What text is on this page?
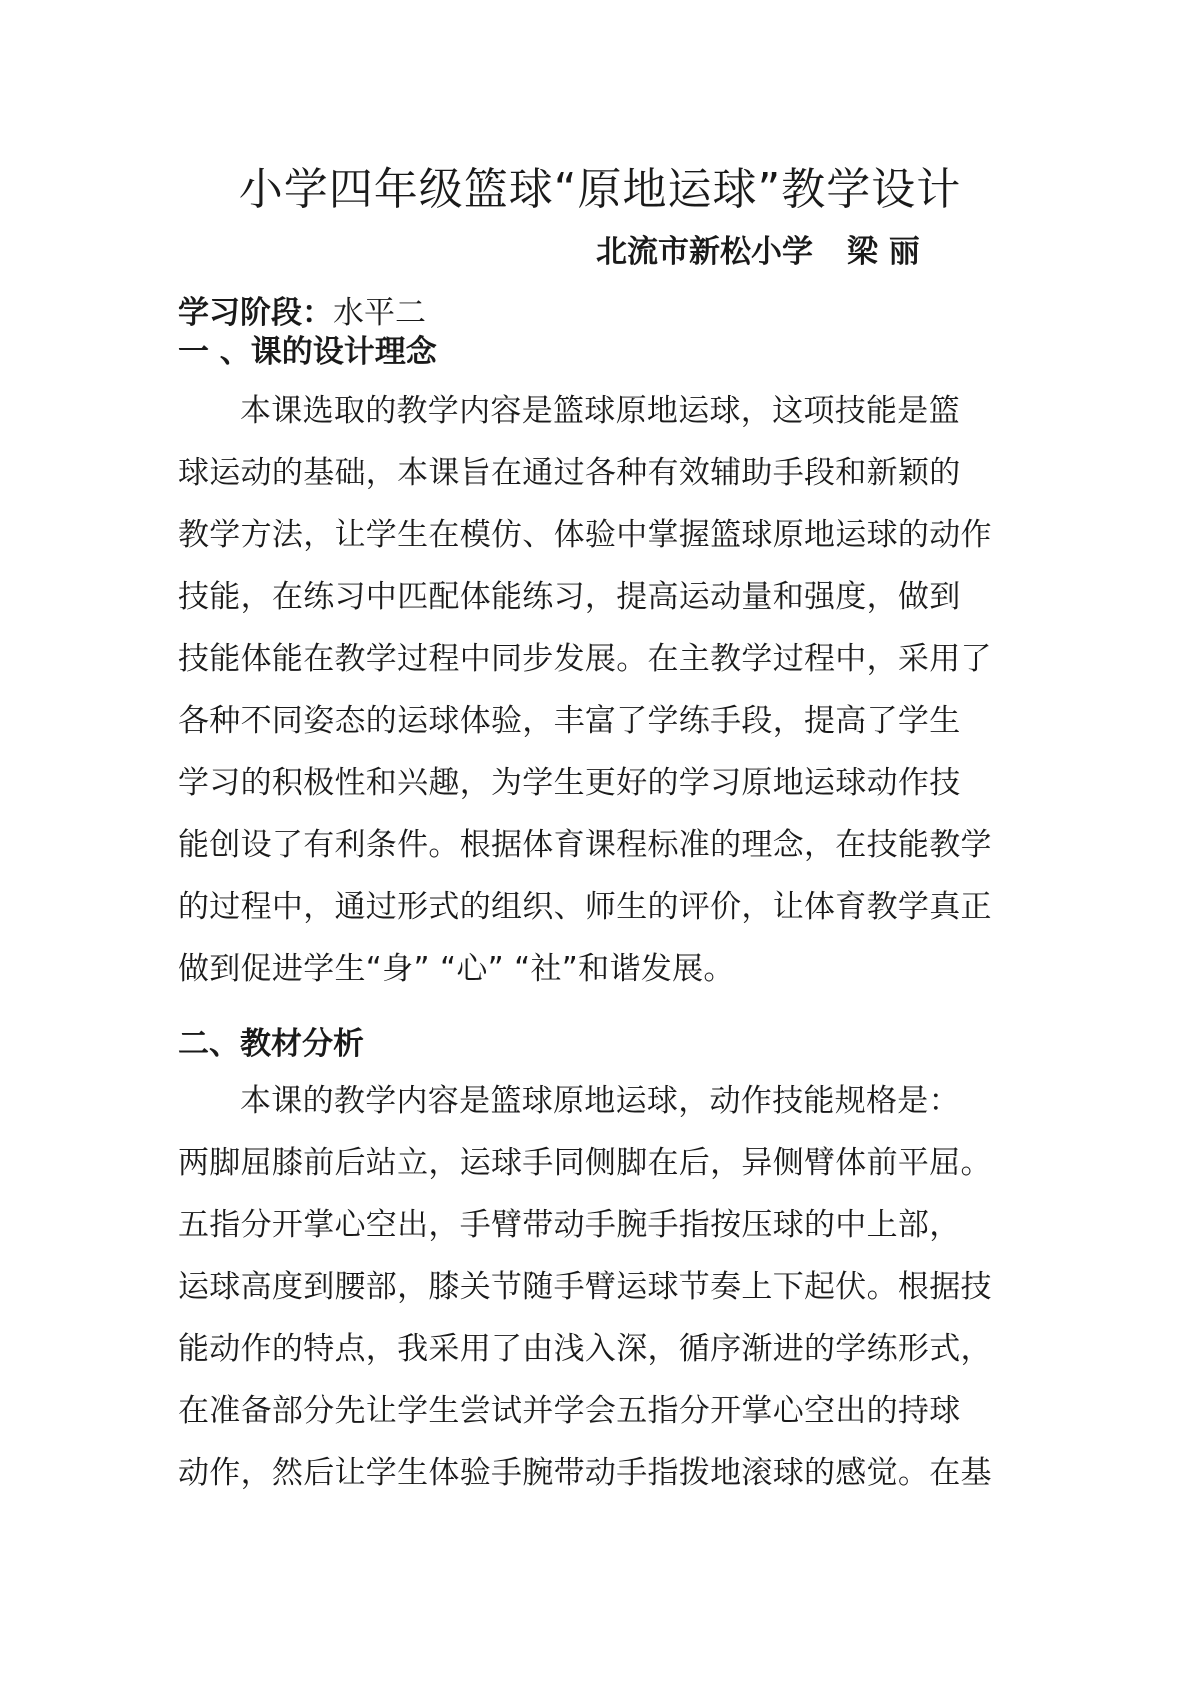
小学四年级篮球“原地运球”教学设计
北流市新松小学 梁 丽
学习阶段：水平二
一 、课的设计理念
本课选取的教学内容是篮球原地运球，这项技能是篮
球运动的基础，本课旨在通过各种有效辅助手段和新颖的
教学方法，让学生在模仿、体验中掌握篮球原地运球的动作
技能，在练习中匹配体能练习，提高运动量和强度，做到
技能体能在教学过程中同步发展。在主教学过程中，采用了
各种不同姿态的运球体验，丰富了学练手段，提高了学生
学习的积极性和兴趣，为学生更好的学习原地运球动作技
能创设了有利条件。根据体育课程标准的理念，在技能教学
的过程中，通过形式的组织、师生的评价，让体育教学真正
做到促进学生“身” “心” “社”和谐发展。
二、教材分析
本课的教学内容是篮球原地运球，动作技能规格是：
两脚屈膝前后站立，运球手同侧脚在后，异侧臂体前平屈。
五指分开掌心空出，手臂带动手腕手指按压球的中上部，
运球高度到腰部，膝关节随手臂运球节奏上下起伏。根据技
能动作的特点，我采用了由浅入深，循序渐进的学练形式，
在准备部分先让学生尝试并学会五指分开掌心空出的持球
动作，然后让学生体验手腕带动手指拨地滚球的感觉。在基
